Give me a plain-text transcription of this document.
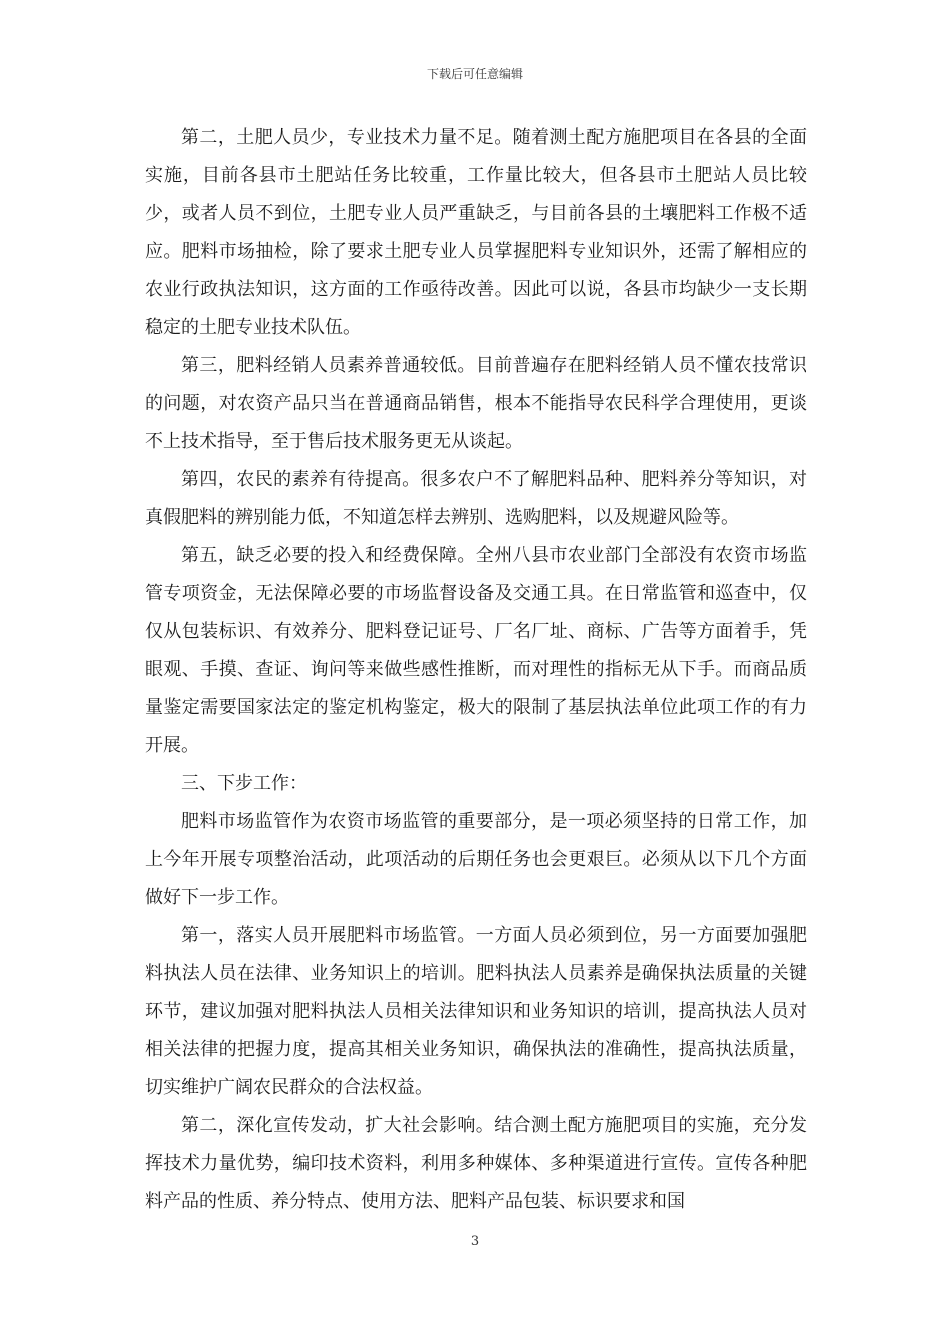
下载后可任意编辑

第二，土肥人员少，专业技术力量不足。随着测土配方施肥项目在各县的全面实施，目前各县市土肥站任务比较重，工作量比较大，但各县市土肥站人员比较少，或者人员不到位，土肥专业人员严重缺乏，与目前各县的土壤肥料工作极不适应。肥料市场抽检，除了要求土肥专业人员掌握肥料专业知识外，还需了解相应的农业行政执法知识，这方面的工作亟待改善。因此可以说，各县市均缺少一支长期稳定的土肥专业技术队伍。

第三，肥料经销人员素养普通较低。目前普遍存在肥料经销人员不懂农技常识的问题，对农资产品只当在普通商品销售，根本不能指导农民科学合理使用，更谈不上技术指导，至于售后技术服务更无从谈起。

第四，农民的素养有待提高。很多农户不了解肥料品种、肥料养分等知识，对真假肥料的辨别能力低，不知道怎样去辨别、选购肥料，以及规避风险等。

第五，缺乏必要的投入和经费保障。全州八县市农业部门全部没有农资市场监管专项资金，无法保障必要的市场监督设备及交通工具。在日常监管和巡查中，仅仅从包装标识、有效养分、肥料登记证号、厂名厂址、商标、广告等方面着手，凭眼观、手摸、查证、询问等来做些感性推断，而对理性的指标无从下手。而商品质量鉴定需要国家法定的鉴定机构鉴定，极大的限制了基层执法单位此项工作的有力开展。

三、下步工作：

肥料市场监管作为农资市场监管的重要部分，是一项必须坚持的日常工作，加上今年开展专项整治活动，此项活动的后期任务也会更艰巨。必须从以下几个方面做好下一步工作。

第一，落实人员开展肥料市场监管。一方面人员必须到位，另一方面要加强肥料执法人员在法律、业务知识上的培训。肥料执法人员素养是确保执法质量的关键环节，建议加强对肥料执法人员相关法律知识和业务知识的培训，提高执法人员对相关法律的把握力度，提高其相关业务知识，确保执法的准确性，提高执法质量，切实维护广阔农民群众的合法权益。

第二，深化宣传发动，扩大社会影响。结合测土配方施肥项目的实施，充分发挥技术力量优势，编印技术资料，利用多种媒体、多种渠道进行宣传。宣传各种肥料产品的性质、养分特点、使用方法、肥料产品包装、标识要求和国

3
